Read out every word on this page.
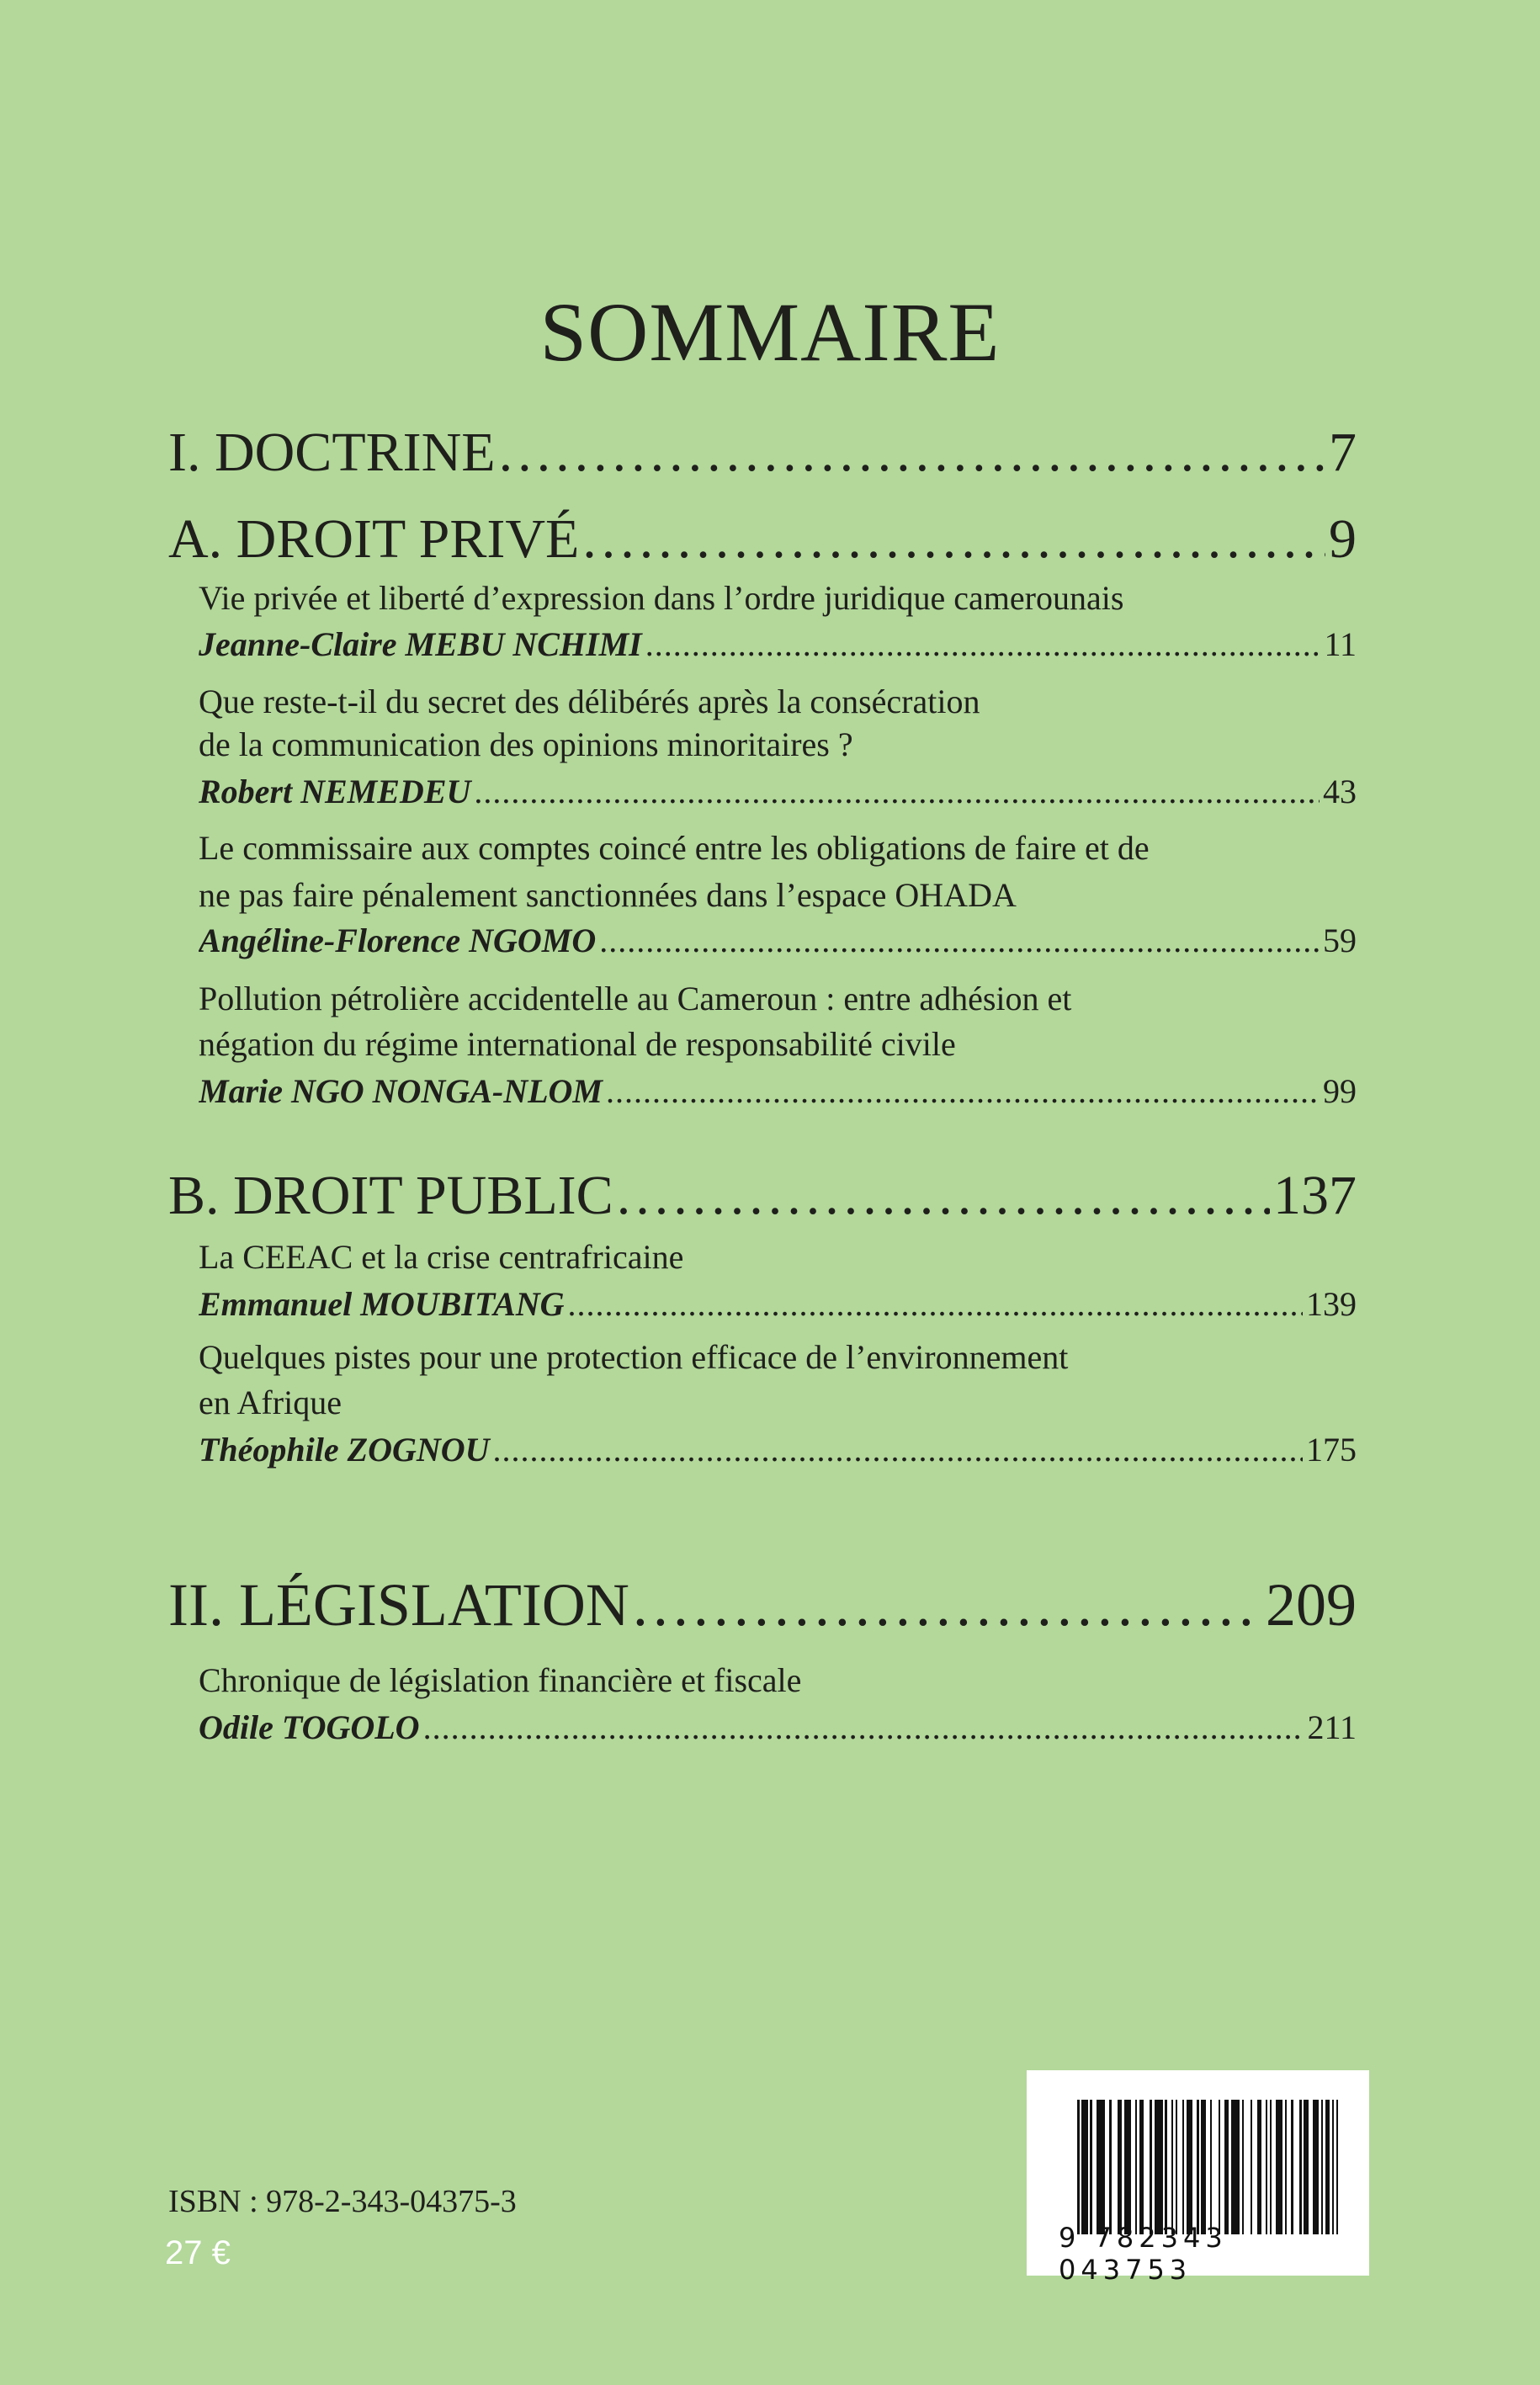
SOMMAIRE
I. DOCTRINE .....	7
A. DROIT PRIVÉ .....	9
Vie privée et liberté d’expression dans l’ordre juridique camerounais
Jeanne-Claire MEBU NCHIMI .....	11
Que reste-t-il du secret des délibérés après la consécration
de la communication des opinions minoritaires ?
Robert NEMEDEU .....	43
Le commissaire aux comptes coincé entre les obligations de faire et de
ne pas faire pénalement sanctionnées dans l’espace OHADA
Angéline-Florence NGOMO .....	59
Pollution pétrolière accidentelle au Cameroun : entre adhésion et
négation du régime international de responsabilité civile
Marie NGO NONGA-NLOM .....	99
B. DROIT PUBLIC .....	137
La CEEAC et la crise centrafricaine
Emmanuel MOUBITANG .....	139
Quelques pistes pour une protection efficace de l’environnement
en Afrique
Théophile ZOGNOU .....	175
II. LÉGISLATION .....	209
Chronique de législation financière et fiscale
Odile TOGOLO .....	211
ISBN : 978-2-343-04375-3
27 €	9 782343 043753
